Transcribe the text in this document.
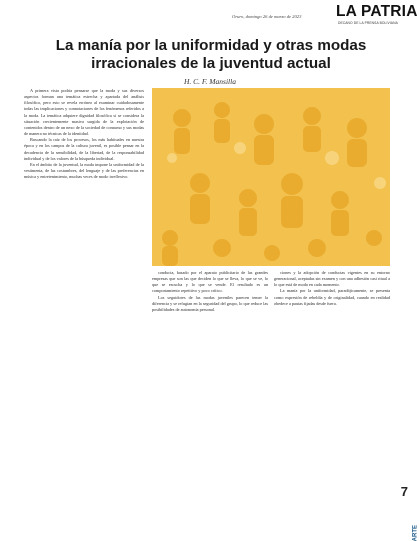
Oruro, domingo 26 de marzo de 2023 LA PATRIA
DECANO DE LA PRENSA BOLIVIANA
La manía por la uniformidad y otras modas irracionales de la juventud actual
H. C. F. Mansilla

A primera vista podría pensarse que la moda y sus diversos aspectos forman una temática estrecha y apartada del análisis filosófico, pero esto se revela erróneo al examinar cuidadosamente todas las implicaciones y connotaciones de los fenómenos referidos a la moda. La temática adquiere dignidad filosófica si se considera la situación crecientemente masiva surgida de la explotación de contenidos dentro de un nexo de la sociedad de consumo y sus modas de manera no técnicas de la identidad.

Buscando la raíz de los procesos, los más habituales en nuestra época y en los campos de la cultura juvenil, es posible pensar en la decadencia de la sensibilidad, de la libertad, de la responsabilidad individual y de los valores de la búsqueda individual.

En el ámbito de la juventud, la moda impone la uniformidad de la vestimenta, de las costumbres, del lenguaje y de las preferencias en música y entretenimiento, muchas veces de modo irreflexivo.

conducta, basado por el aparato publicitario de las grandes empresas que son las que deciden lo que se lleva, lo que se ve, lo que se escucha y lo que se vende. El resultado es un comportamiento repetitivo y poco crítico.

Los seguidores de las modas juveniles parecen temer la diferencia y se refugian en la seguridad del grupo, lo que reduce las posibilidades de autonomía personal.

ciones y la adopción de conductas vigentes en su entorno generacional, aceptadas sin examen y con una adhesión casi ritual a lo que está de moda en cada momento.

La manía por la uniformidad, paradójicamente, se presenta como expresión de rebeldía y de originalidad, cuando en realidad obedece a pautas fijadas desde fuera.

7
ARTE
